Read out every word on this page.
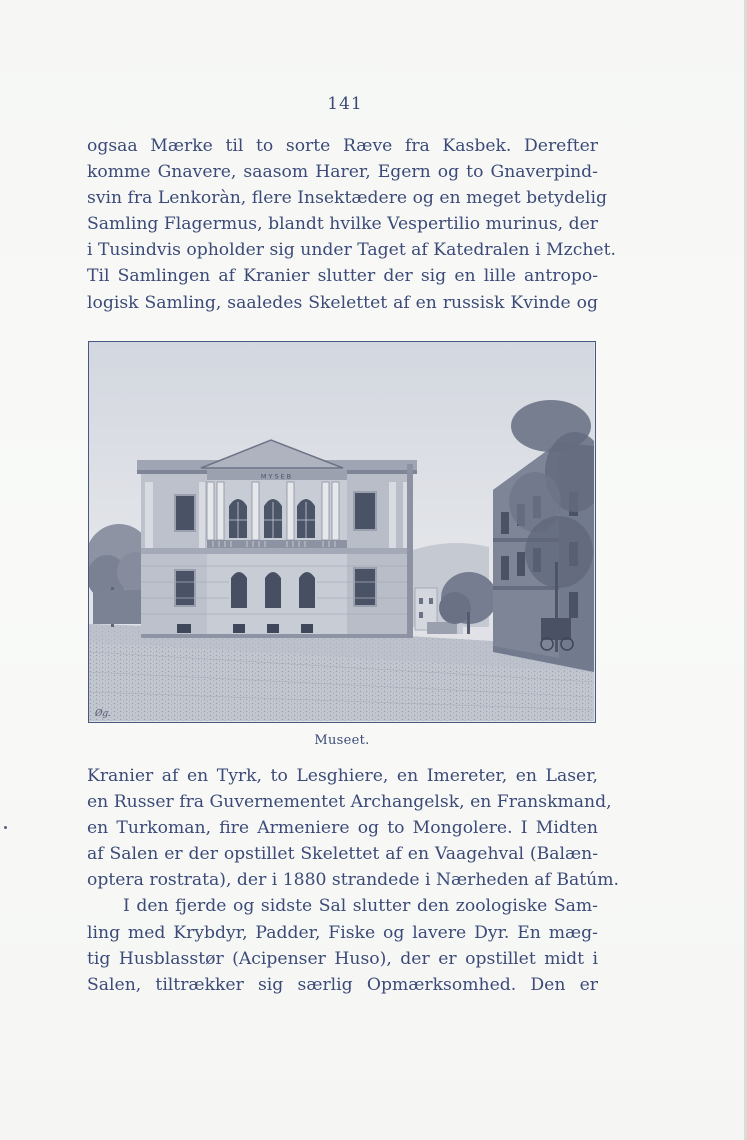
141
ogsaa Mærke til to sorte Ræve fra Kasbek. Derefter
komme Gnavere, saasom Harer, Egern og to Gnaverpind-
svin fra Lenkoràn, flere Insektædere og en meget betydelig
Samling Flagermus, blandt hvilke Vespertilio murinus, der
i Tusindvis opholder sig under Taget af Katedralen i Mzchet.
Til Samlingen af Kranier slutter der sig en lille antropo-
logisk Samling, saaledes Skelettet af en russisk Kvinde og
MYSEB
Øg.
Museet.
Kranier af en Tyrk, to Lesghiere, en Imereter, en Laser,
en Russer fra Guvernementet Archangelsk, en Franskmand,
en Turkoman, fire Armeniere og to Mongolere. I Midten
af Salen er der opstillet Skelettet af en Vaagehval (Balæn-
optera rostrata), der i 1880 strandede i Nærheden af Batúm.
I den fjerde og sidste Sal slutter den zoologiske Sam-
ling med Krybdyr, Padder, Fiske og lavere Dyr. En mæg-
tig Husblasstør (Acipenser Huso), der er opstillet midt i
Salen, tiltrækker sig særlig Opmærksomhed. Den er
